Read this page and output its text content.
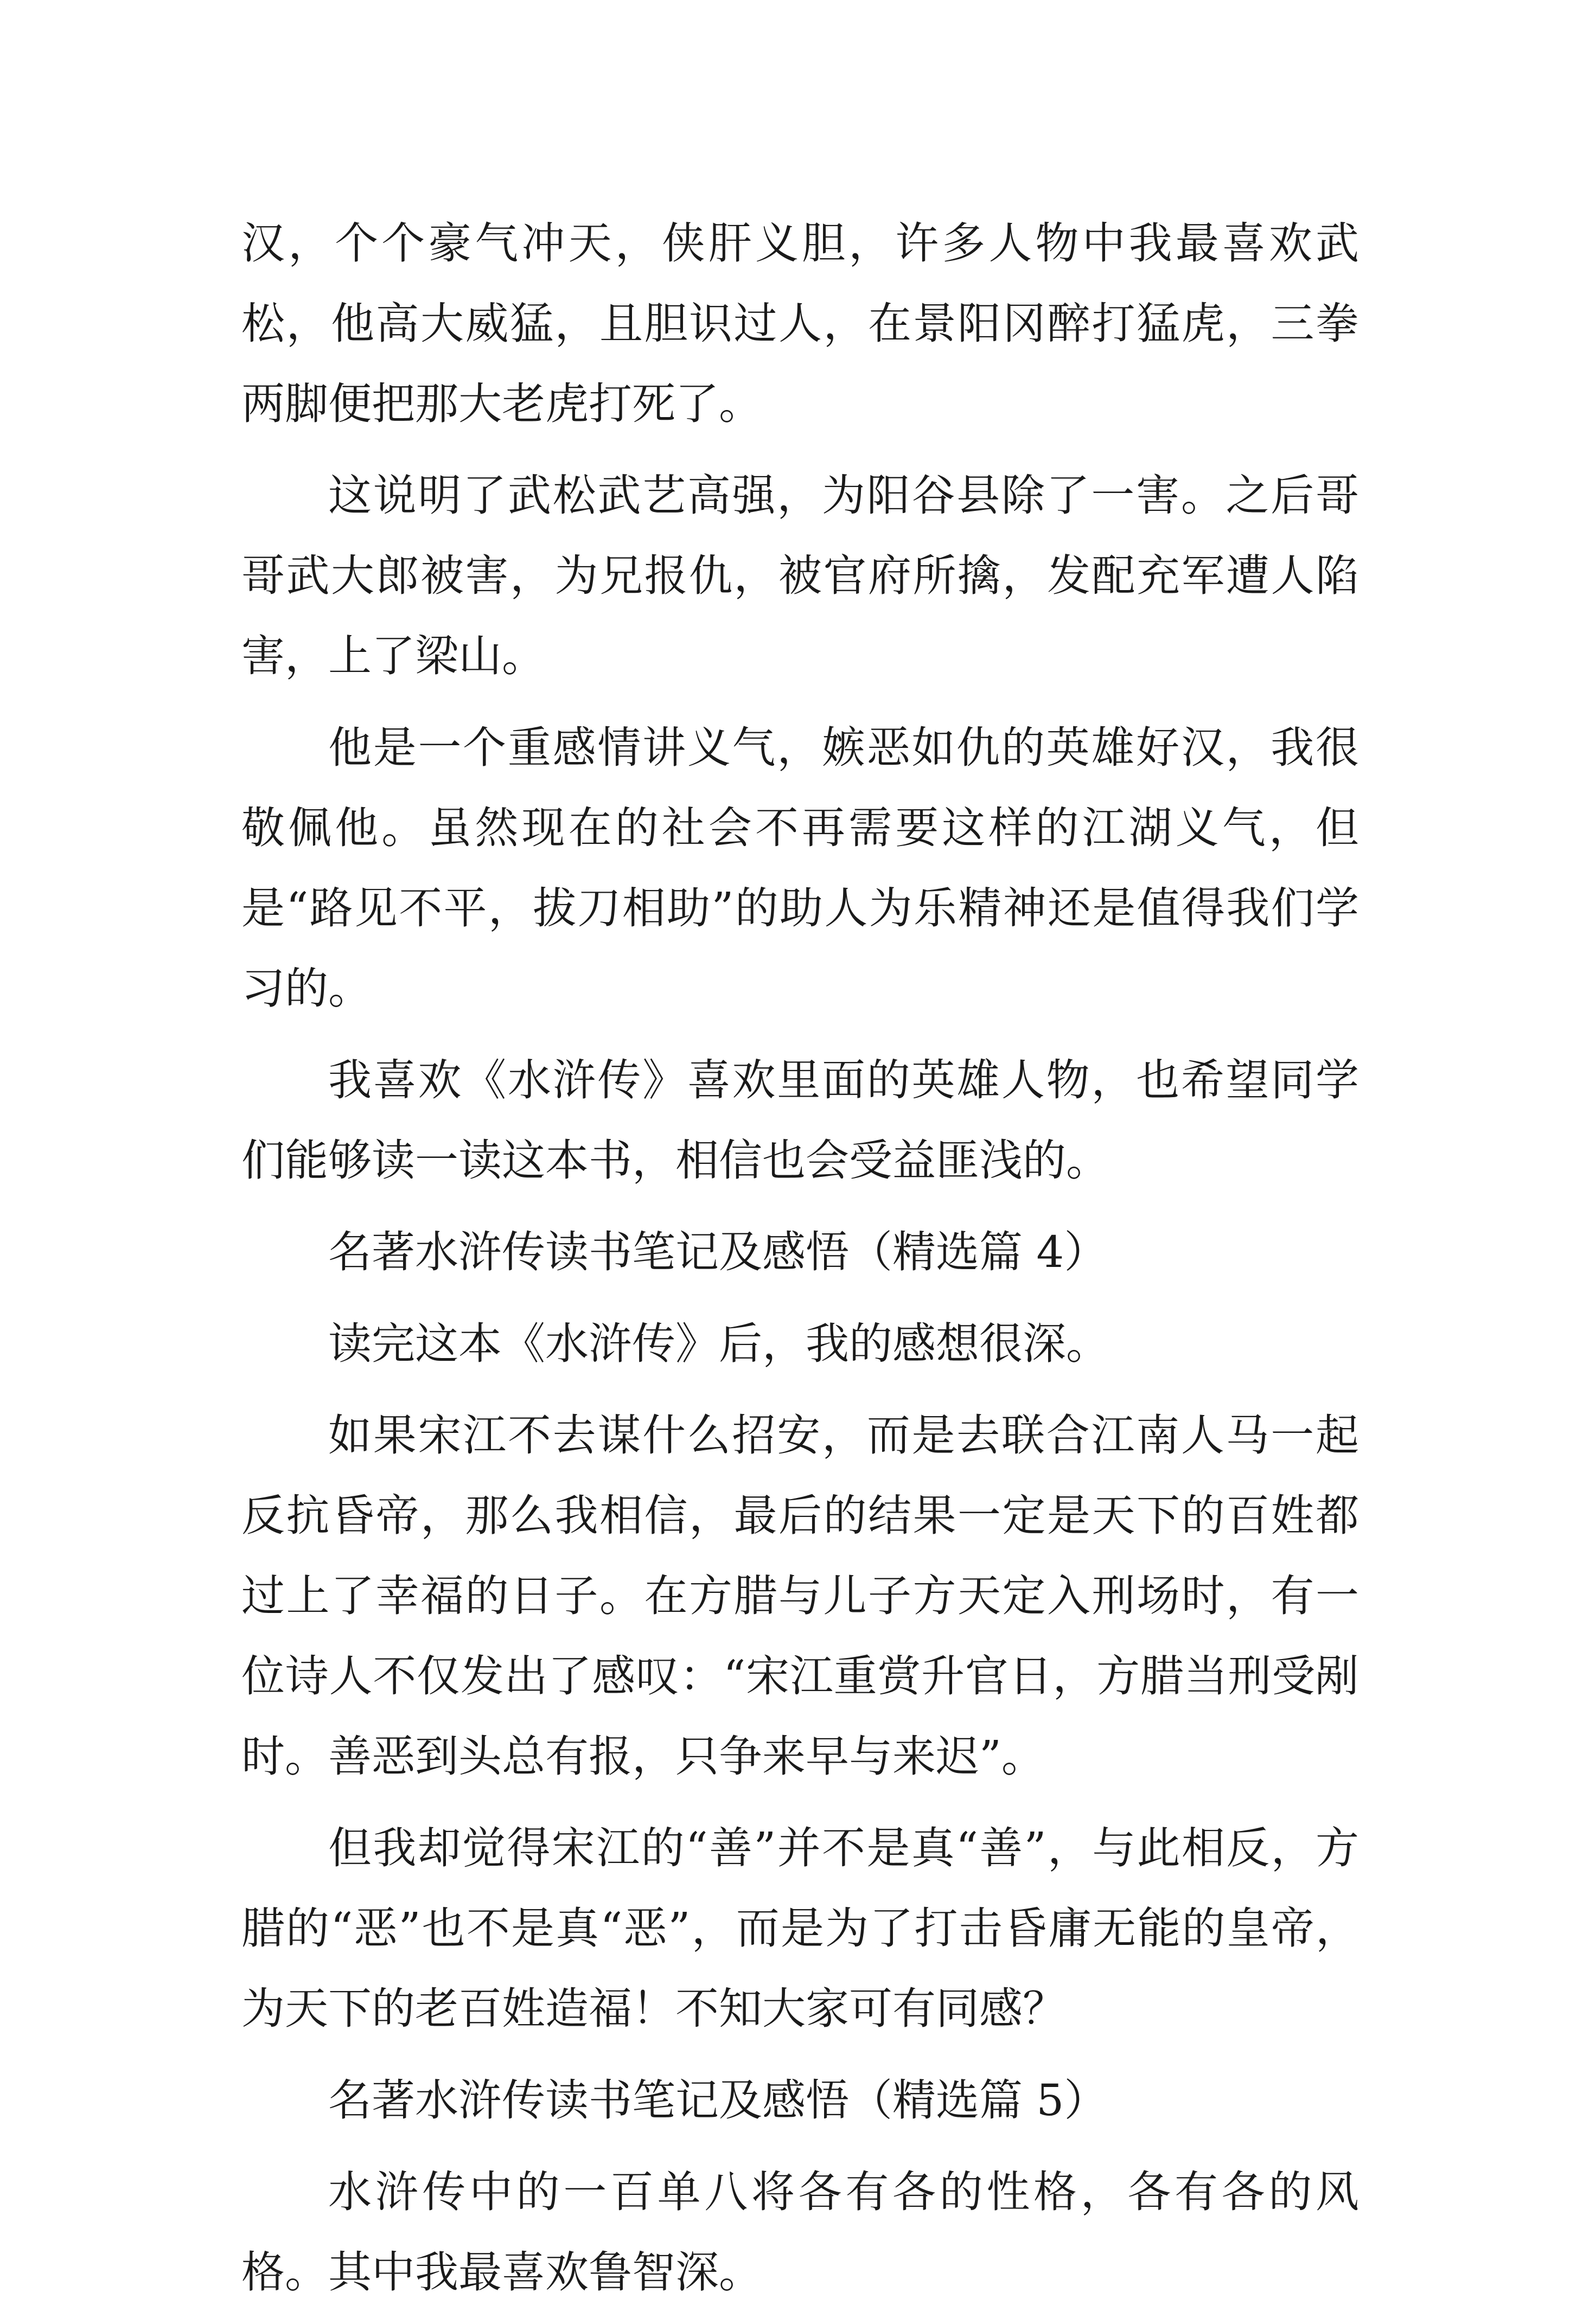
汉，个个豪气冲天，侠肝义胆，许多人物中我最喜欢武松，他高大威猛，且胆识过人，在景阳冈醉打猛虎，三拳两脚便把那大老虎打死了。

这说明了武松武艺高强，为阳谷县除了一害。之后哥哥武大郎被害，为兄报仇，被官府所擒，发配充军遭人陷害，上了梁山。

他是一个重感情讲义气，嫉恶如仇的英雄好汉，我很敬佩他。虽然现在的社会不再需要这样的江湖义气，但是“路见不平，拔刀相助”的助人为乐精神还是值得我们学习的。

我喜欢《水浒传》喜欢里面的英雄人物，也希望同学们能够读一读这本书，相信也会受益匪浅的。

名著水浒传读书笔记及感悟（精选篇 4）

读完这本《水浒传》后，我的感想很深。

如果宋江不去谋什么招安，而是去联合江南人马一起反抗昏帝，那么我相信，最后的结果一定是天下的百姓都过上了幸福的日子。在方腊与儿子方天定入刑场时，有一位诗人不仅发出了感叹：“宋江重赏升官日，方腊当刑受剐时。善恶到头总有报，只争来早与来迟”。

但我却觉得宋江的“善”并不是真“善”，与此相反，方腊的“恶”也不是真“恶”，而是为了打击昏庸无能的皇帝，为天下的老百姓造福！不知大家可有同感？

名著水浒传读书笔记及感悟（精选篇 5）

水浒传中的一百单八将各有各的性格，各有各的风格。其中我最喜欢鲁智深。
